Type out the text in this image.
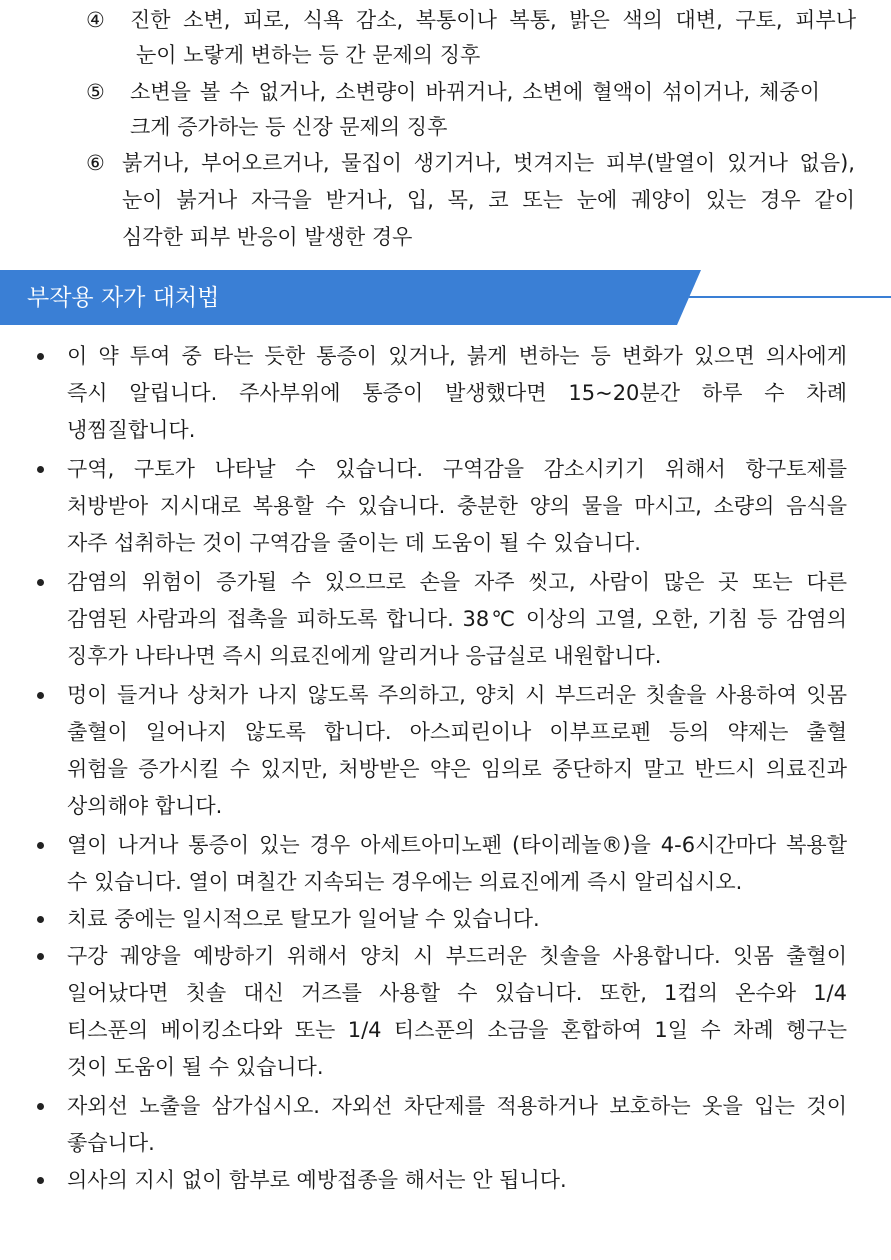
④ 진한 소변, 피로, 식욕 감소, 복통이나 복통, 밝은 색의 대변, 구토, 피부나
눈이 노랗게 변하는 등 간 문제의 징후
⑤ 소변을 볼 수 없거나, 소변량이 바뀌거나, 소변에 혈액이 섞이거나, 체중이
크게 증가하는 등 신장 문제의 징후
⑥ 붉거나, 부어오르거나, 물집이 생기거나, 벗겨지는 피부(발열이 있거나 없음),
눈이 붉거나 자극을 받거나, 입, 목, 코 또는 눈에 궤양이 있는 경우 같이
심각한 피부 반응이 발생한 경우
부작용 자가 대처법
이 약 투여 중 타는 듯한 통증이 있거나, 붉게 변하는 등 변화가 있으면 의사에게
즉시 알립니다. 주사부위에 통증이 발생했다면 15~20분간 하루 수 차례
냉찜질합니다.
구역, 구토가 나타날 수 있습니다. 구역감을 감소시키기 위해서 항구토제를
처방받아 지시대로 복용할 수 있습니다. 충분한 양의 물을 마시고, 소량의 음식을
자주 섭취하는 것이 구역감을 줄이는 데 도움이 될 수 있습니다.
감염의 위험이 증가될 수 있으므로 손을 자주 씻고, 사람이 많은 곳 또는 다른
감염된 사람과의 접촉을 피하도록 합니다. 38℃ 이상의 고열, 오한, 기침 등 감염의
징후가 나타나면 즉시 의료진에게 알리거나 응급실로 내원합니다.
멍이 들거나 상처가 나지 않도록 주의하고, 양치 시 부드러운 칫솔을 사용하여 잇몸
출혈이 일어나지 않도록 합니다. 아스피린이나 이부프로펜 등의 약제는 출혈
위험을 증가시킬 수 있지만, 처방받은 약은 임의로 중단하지 말고 반드시 의료진과
상의해야 합니다.
열이 나거나 통증이 있는 경우 아세트아미노펜 (타이레놀®)을 4-6시간마다 복용할
수 있습니다. 열이 며칠간 지속되는 경우에는 의료진에게 즉시 알리십시오.
치료 중에는 일시적으로 탈모가 일어날 수 있습니다.
구강 궤양을 예방하기 위해서 양치 시 부드러운 칫솔을 사용합니다. 잇몸 출혈이
일어났다면 칫솔 대신 거즈를 사용할 수 있습니다. 또한, 1컵의 온수와 1/4
티스푼의 베이킹소다와 또는 1/4 티스푼의 소금을 혼합하여 1일 수 차례 헹구는
것이 도움이 될 수 있습니다.
자외선 노출을 삼가십시오. 자외선 차단제를 적용하거나 보호하는 옷을 입는 것이
좋습니다.
의사의 지시 없이 함부로 예방접종을 해서는 안 됩니다.
